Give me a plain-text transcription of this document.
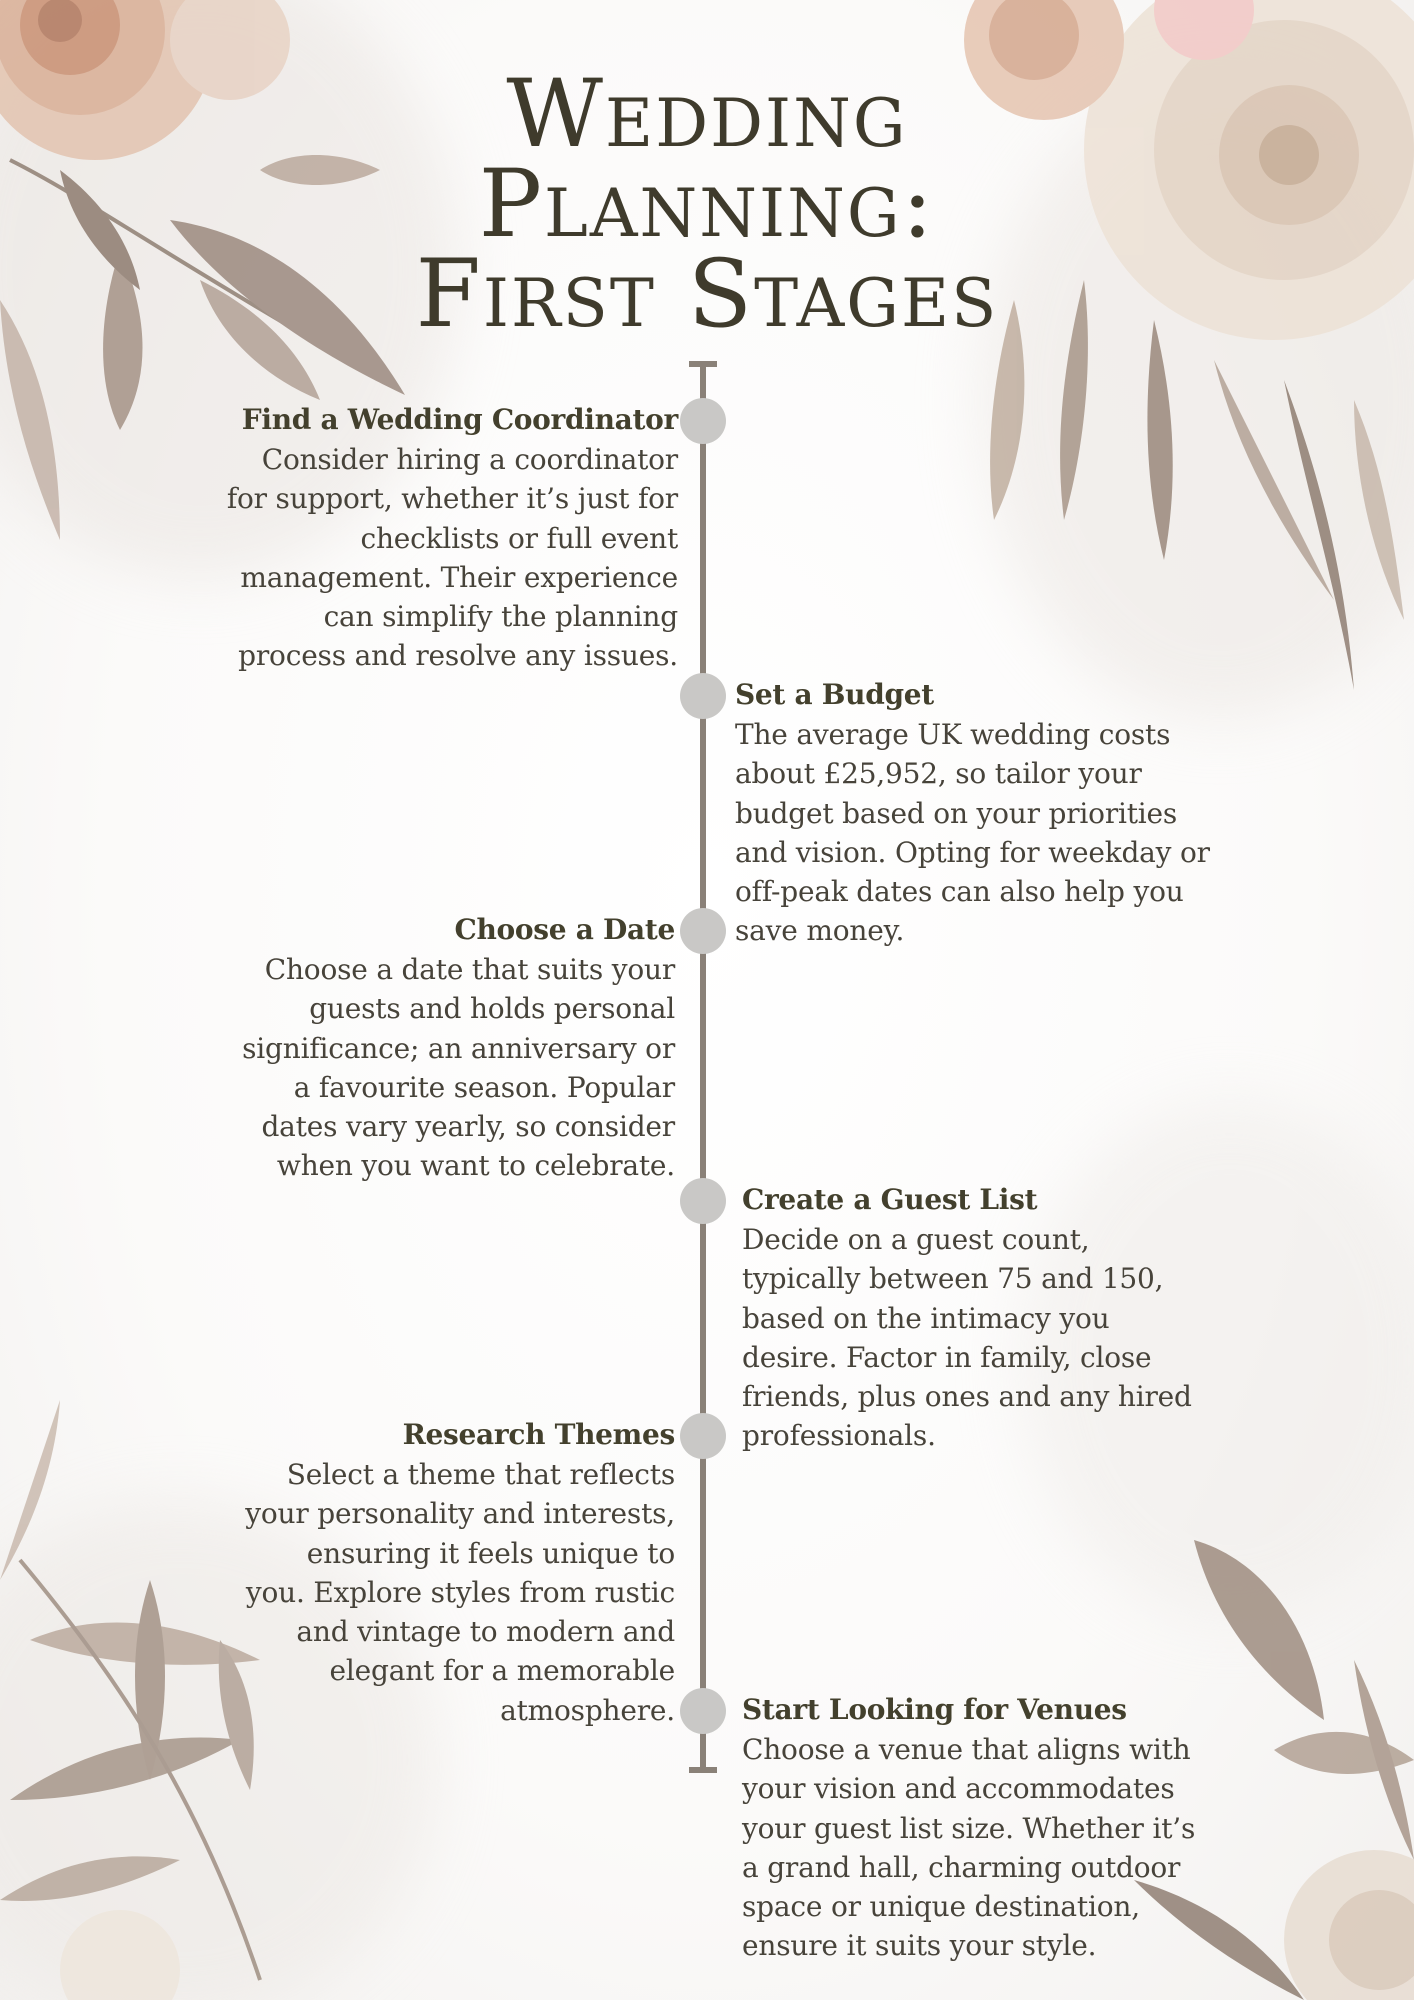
Wedding
Planning:
First Stages
Find a Wedding Coordinator

Consider hiring a coordinator for support, whether it’s just for checklists or full event management. Their experience can simplify the planning process and resolve any issues.

Set a Budget

The average UK wedding costs about £25,952, so tailor your budget based on your priorities and vision. Opting for weekday or off-peak dates can also help you save money.

Choose a Date

Choose a date that suits your guests and holds personal significance; an anniversary or a favourite season. Popular dates vary yearly, so consider when you want to celebrate.

Create a Guest List

Decide on a guest count, typically between 75 and 150, based on the intimacy you desire. Factor in family, close friends, plus ones and any hired professionals.

Research Themes

Select a theme that reflects your personality and interests, ensuring it feels unique to you. Explore styles from rustic and vintage to modern and elegant for a memorable atmosphere. Start Looking for Venues

Choose a venue that aligns with your vision and accommodates your guest list size. Whether it’s a grand hall, charming outdoor space or unique destination, ensure it suits your style.
